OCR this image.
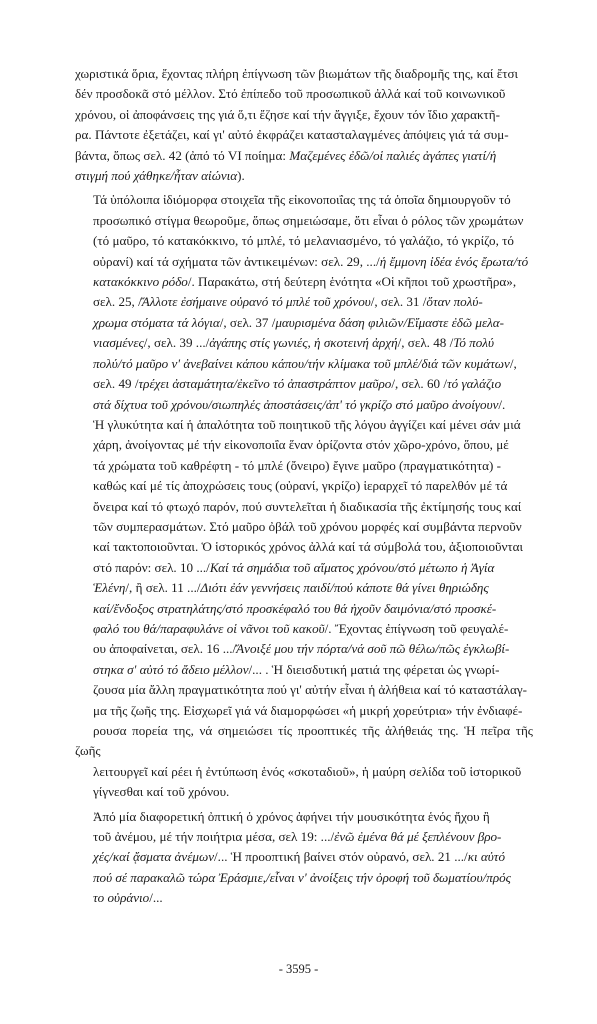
χωριστικά ὅρια, ἔχοντας πλήρη ἐπίγνωση τῶν βιωμάτων τῆς διαδρομῆς της, καί ἔτσι
δέν προσδοκᾶ στό μέλλον. Στό ἐπίπεδο τοῦ προσωπικοῦ ἀλλά καί τοῦ κοινωνικοῦ
χρόνου, οἱ ἀποφάνσεις της γιά ὅ,τι ἔζησε καί τήν ἄγγιξε, ἔχουν τόν ἴδιο χαρακτῆ-
ρα. Πάντοτε ἐξετάζει, καί γι' αὐτό ἐκφράζει κατασταλαγμένες ἀπόψεις γιά τά συμ-
βάντα, ὅπως σελ. 42 (ἀπό τό VI ποίημα: Μαζεμένες ἐδῶ/οἱ παλιές ἀγάπες γιατί/ἡ
στιγμή πού χάθηκε/ἦταν αἰώνια).

Τά ὑπόλοιπα ἰδιόμορφα στοιχεῖα τῆς εἰκονοποιΐας της τά ὁποῖα δημιουργοῦν τό
προσωπικό στίγμα θεωροῦμε, ὅπως σημειώσαμε, ὅτι εἶναι ὁ ρόλος τῶν χρωμάτων
(τό μαῦρο, τό κατακόκκινο, τό μπλέ, τό μελανιασμένο, τό γαλάζιο, τό γκρίζο, τό
οὐρανί) καί τά σχήματα τῶν ἀντικειμένων: σελ. 29, .../ἡ ἔμμονη ἰδέα ἑνός ἔρωτα/τό
κατακόκκινο ρόδο/. Παρακάτω, στή δεύτερη ἑνότητα «Οἱ κῆποι τοῦ χρωστῆρα»,
σελ. 25, /Ἄλλοτε ἐσήμαινε οὐρανό τό μπλέ τοῦ χρόνου/, σελ. 31 /ὅταν πολύ-
χρωμα στόματα τά λόγια/, σελ. 37 /μαυρισμένα δάση φιλιῶν/Εἴμαστε ἐδῶ μελα-
νιασμένες/, σελ. 39 .../ἀγάπης στίς γωνιές, ἡ σκοτεινή ἀρχή/, σελ. 48 /Τό πολύ
πολύ/τό μαῦρο ν' ἀνεβαίνει κάπου κάπου/τήν κλίμακα τοῦ μπλέ/διά τῶν κυμάτων/,
σελ. 49 /τρέχει ἀσταμάτητα/ἐκεῖνο τό ἀπαστράπτον μαῦρο/, σελ. 60 /τό γαλάζιο
στά δίχτυα τοῦ χρόνου/σιωπηλές ἀποστάσεις/ἀπ' τό γκρίζο στό μαῦρο ἀνοίγουν/.
Ἡ γλυκύτητα καί ἡ ἁπαλότητα τοῦ ποιητικοῦ τῆς λόγου ἀγγίζει καί μένει σάν μιά
χάρη, ἀνοίγοντας μέ τήν εἰκονοποιΐα ἕναν ὁρίζοντα στόν χῶρο-χρόνο, ὅπου, μέ
τά χρώματα τοῦ καθρέφτη - τό μπλέ (ὄνειρο) ἔγινε μαῦρο (πραγματικότητα) -
καθώς καί μέ τίς ἀποχρώσεις τους (οὐρανί, γκρίζο) ἱεραρχεῖ τό παρελθόν μέ τά
ὄνειρα καί τό φτωχό παρόν, πού συντελεῖται ἡ διαδικασία τῆς ἐκτίμησής τους καί
τῶν συμπερασμάτων. Στό μαῦρο ὀβάλ τοῦ χρόνου μορφές καί συμβάντα περνοῦν
καί τακτοποιοῦνται. Ὁ ἱστορικός χρόνος ἀλλά καί τά σύμβολά του, ἀξιοποιοῦνται
στό παρόν: σελ. 10 .../Καί τά σημάδια τοῦ αἵματος χρόνου/στό μέτωπο ἡ Ἁγία
Ἑλένη/, ἢ σελ. 11 .../Διότι ἐάν γεννήσεις παιδί/πού κάποτε θά γίνει θηριώδης
καί/ἔνδοξος στρατηλάτης/στό προσκέφαλό του θά ἠχοῦν δαιμόνια/στό προσκέ-
φαλό του θά/παραφυλάνε οἱ νᾶνοι τοῦ κακοῦ/. Ἔχοντας ἐπίγνωση τοῦ φευγαλέ-
ου ἀποφαίνεται, σελ. 16 .../Ἄνοιξέ μου τήν πόρτα/νά σοῦ πῶ θέλω/πῶς ἐγκλωβί-
στηκα σ' αὐτό τό ἄδειο μέλλον/... . Ἡ διεισδυτική ματιά της φέρεται ὡς γνωρί-
ζουσα μία ἄλλη πραγματικότητα πού γι' αὐτήν εἶναι ἡ ἀλήθεια καί τό καταστάλαγ-
μα τῆς ζωῆς της. Εἰσχωρεῖ γιά νά διαμορφώσει «ἡ μικρή χορεύτρια» τήν ἐνδιαφέ-
ρουσα πορεία της, νά σημειώσει τίς προοπτικές τῆς ἀλήθειάς της. Ἡ πεῖρα τῆς ζωῆς
λειτουργεῖ καί ρέει ἡ ἐντύπωση ἑνός «σκοταδιοῦ», ἡ μαύρη σελίδα τοῦ ἱστορικοῦ
γίγνεσθαι καί τοῦ χρόνου.

Ἀπό μία διαφορετική ὀπτική ὁ χρόνος ἀφήνει τήν μουσικότητα ἑνός ἤχου ἢ
τοῦ ἀνέμου, μέ τήν ποιήτρια μέσα, σελ 19: .../ἐνῶ ἐμένα θά μέ ξεπλένουν βρο-
χές/καί ᾄσματα ἀνέμων/... Ἡ προοπτική βαίνει στόν οὐρανό, σελ. 21 .../κι αὐτό
πού σέ παρακαλῶ τώρα Ἐράσμιε,/εἶναι ν' ἀνοίξεις τήν ὀροφή τοῦ δωματίου/πρός
το οὐράνιο/...

- 3595 -
